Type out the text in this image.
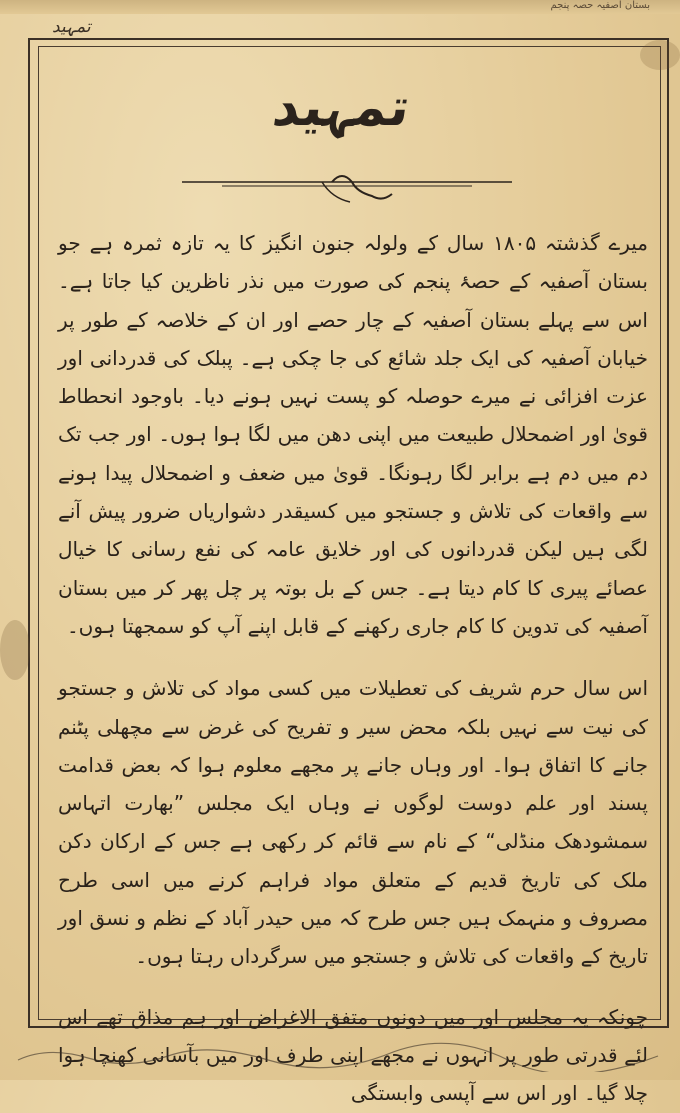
بستان آصفیہ حصہ پنجم
تمہید
تمہید

میرے گذشتہ ۱۸۰۵ سال کے ولولہ جنون انگیز کا یہ تازہ ثمرہ ہے جو بستان آصفیہ کے حصۂ پنجم کی صورت میں نذر ناظرین کیا جاتا ہے۔ اس سے پہلے بستان آصفیہ کے چار حصے اور ان کے خلاصہ کے طور پر خیابان آصفیہ کی ایک جلد شائع کی جا چکی ہے۔ پبلک کی قدردانی اور عزت افزائی نے میرے حوصلہ کو پست نہیں ہونے دیا۔ باوجود انحطاط قویٰ اور اضمحلال طبیعت میں اپنی دھن میں لگا ہوا ہوں۔ اور جب تک دم میں دم ہے برابر لگا رہونگا۔ قویٰ میں ضعف و اضمحلال پیدا ہونے سے واقعات کی تلاش و جستجو میں کسیقدر دشواریاں ضرور پیش آنے لگی ہیں لیکن قدردانوں کی اور خلایق عامہ کی نفع رسانی کا خیال عصائے پیری کا کام دیتا ہے۔ جس کے بل بوتہ پر چل پھر کر میں بستان آصفیہ کی تدوین کا کام جاری رکھنے کے قابل اپنے آپ کو سمجھتا ہوں۔

اس سال حرم شریف کی تعطیلات میں کسی مواد کی تلاش و جستجو کی نیت سے نہیں بلکہ محض سیر و تفریح کی غرض سے مچھلی پٹنم جانے کا اتفاق ہوا۔ اور وہاں جانے پر مجھے معلوم ہوا کہ بعض قدامت پسند اور علم دوست لوگوں نے وہاں ایک مجلس ”بھارت اتہاس سمشودھک منڈلی“ کے نام سے قائم کر رکھی ہے جس کے ارکان دکن ملک کی تاریخ قدیم کے متعلق مواد فراہم کرنے میں اسی طرح مصروف و منہمک ہیں جس طرح کہ میں حیدر آباد کے نظم و نسق اور تاریخ کے واقعات کی تلاش و جستجو میں سرگرداں رہتا ہوں۔

چونکہ یہ مجلس اور میں دونوں متفق الاغراض اور ہم مذاق تھے اس لئے قدرتی طور پر انہوں نے مجھے اپنی طرف اور میں بآسانی کھنچا ہوا چلا گیا۔ اور اس سے آپسی وابستگی
